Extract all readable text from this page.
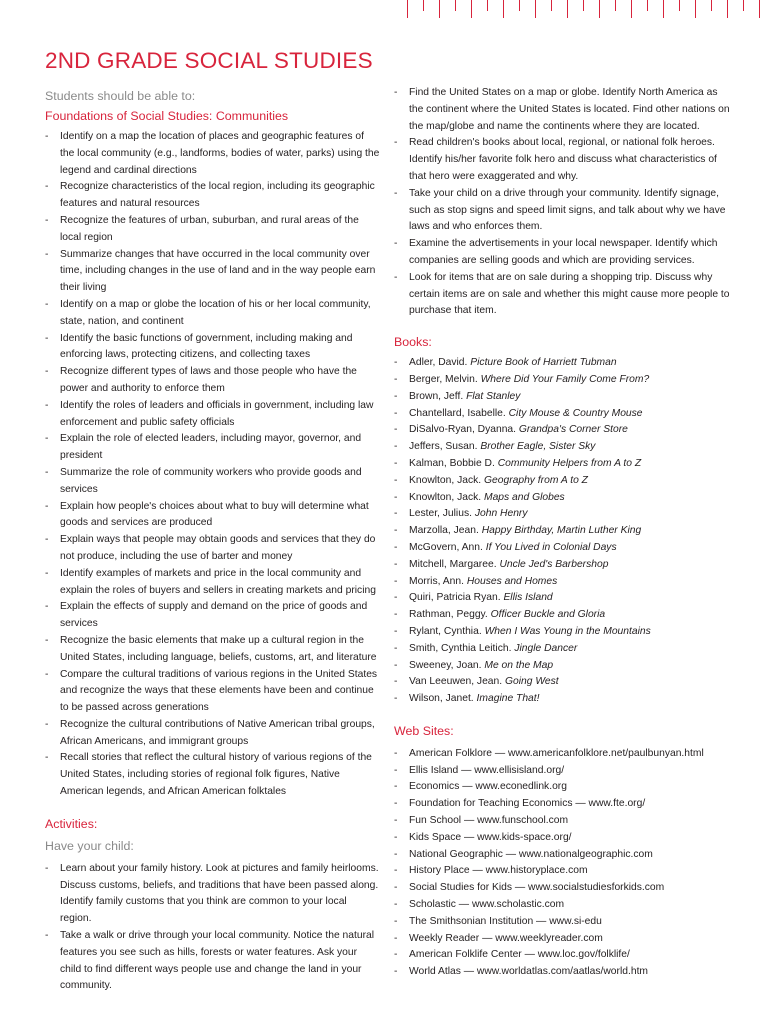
2ND GRADE SOCIAL STUDIES
Students should be able to:
Foundations of Social Studies: Communities
- Identify on a map the location of places and geographic features of the local community (e.g., landforms, bodies of water, parks) using the legend and cardinal directions
- Recognize characteristics of the local region, including its geographic features and natural resources
- Recognize the features of urban, suburban, and rural areas of the local region
- Summarize changes that have occurred in the local community over time, including changes in the use of land and in the way people earn their living
- Identify on a map or globe the location of his or her local community, state, nation, and continent
- Identify the basic functions of government, including making and enforcing laws, protecting citizens, and collecting taxes
- Recognize different types of laws and those people who have the power and authority to enforce them
- Identify the roles of leaders and officials in government, including law enforcement and public safety officials
- Explain the role of elected leaders, including mayor, governor, and president
- Summarize the role of community workers who provide goods and services
- Explain how people's choices about what to buy will determine what goods and services are produced
- Explain ways that people may obtain goods and services that they do not produce, including the use of barter and money
- Identify examples of markets and price in the local community and explain the roles of buyers and sellers in creating markets and pricing
- Explain the effects of supply and demand on the price of goods and services
- Recognize the basic elements that make up a cultural region in the United States, including language, beliefs, customs, art, and literature
- Compare the cultural traditions of various regions in the United States and recognize the ways that these elements have been and continue to be passed across generations
- Recognize the cultural contributions of Native American tribal groups, African Americans, and immigrant groups
- Recall stories that reflect the cultural history of various regions of the United States, including stories of regional folk figures, Native American legends, and African American folktales
Activities:
Have your child:
- Learn about your family history. Look at pictures and family heirlooms. Discuss customs, beliefs, and traditions that have been passed along. Identify family customs that you think are common to your local region.
- Take a walk or drive through your local community. Notice the natural features you see such as hills, forests or water features. Ask your child to find different ways people use and change the land in your community.
- Find the United States on a map or globe. Identify North America as the continent where the United States is located. Find other nations on the map/globe and name the continents where they are located.
- Read children's books about local, regional, or national folk heroes. Identify his/her favorite folk hero and discuss what characteristics of that hero were exaggerated and why.
- Take your child on a drive through your community. Identify signage, such as stop signs and speed limit signs, and talk about why we have laws and who enforces them.
- Examine the advertisements in your local newspaper. Identify which companies are selling goods and which are providing services.
- Look for items that are on sale during a shopping trip. Discuss why certain items are on sale and whether this might cause more people to purchase that item.
Books:
- Adler, David. Picture Book of Harriett Tubman
- Berger, Melvin. Where Did Your Family Come From?
- Brown, Jeff. Flat Stanley
- Chantellard, Isabelle. City Mouse & Country Mouse
- DiSalvo-Ryan, Dyanna. Grandpa's Corner Store
- Jeffers, Susan. Brother Eagle, Sister Sky
- Kalman, Bobbie D. Community Helpers from A to Z
- Knowlton, Jack. Geography from A to Z
- Knowlton, Jack. Maps and Globes
- Lester, Julius. John Henry
- Marzolla, Jean. Happy Birthday, Martin Luther King
- McGovern, Ann. If You Lived in Colonial Days
- Mitchell, Margaree. Uncle Jed's Barbershop
- Morris, Ann. Houses and Homes
- Quiri, Patricia Ryan. Ellis Island
- Rathman, Peggy. Officer Buckle and Gloria
- Rylant, Cynthia. When I Was Young in the Mountains
- Smith, Cynthia Leitich. Jingle Dancer
- Sweeney, Joan. Me on the Map
- Van Leeuwen, Jean. Going West
- Wilson, Janet. Imagine That!
Web Sites:
- American Folklore — www.americanfolklore.net/paulbunyan.html
- Ellis Island — www.ellisisland.org/
- Economics — www.econedlink.org
- Foundation for Teaching Economics — www.fte.org/
- Fun School — www.funschool.com
- Kids Space — www.kids-space.org/
- National Geographic — www.nationalgeographic.com
- History Place — www.historyplace.com
- Social Studies for Kids — www.socialstudiesforkids.com
- Scholastic — www.scholastic.com
- The Smithsonian Institution — www.si-edu
- Weekly Reader — www.weeklyreader.com
- American Folklife Center — www.loc.gov/folklife/
- World Atlas — www.worldatlas.com/aatlas/world.htm
